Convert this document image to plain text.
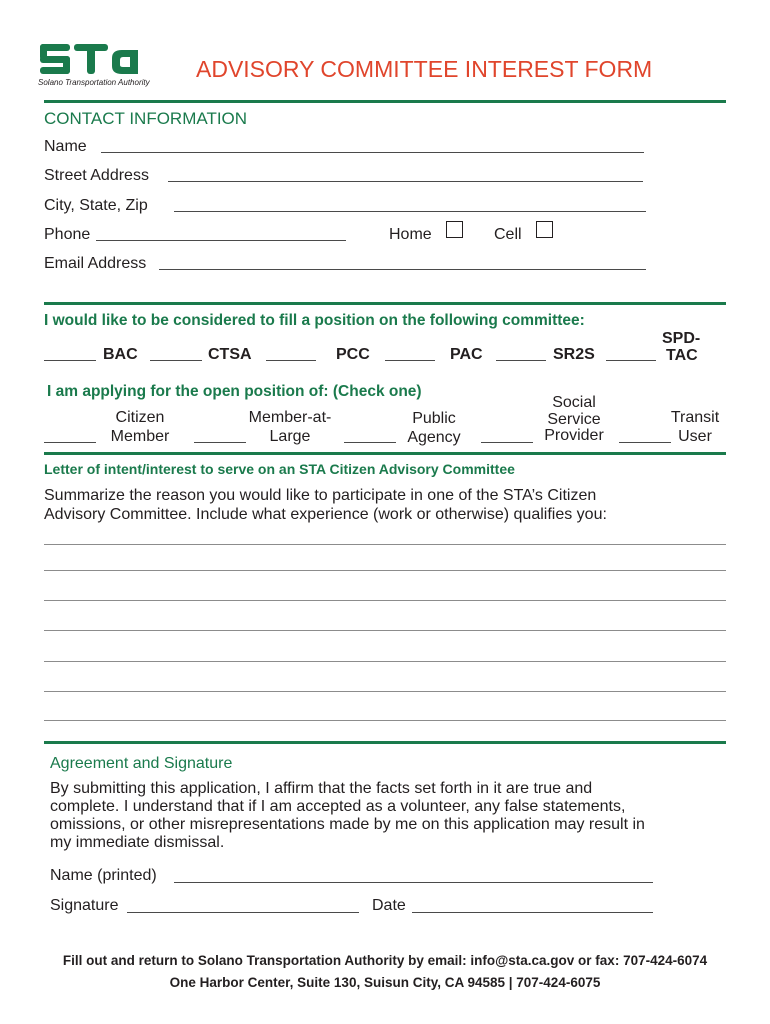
Solano Transportation Authority
ADVISORY COMMITTEE INTEREST FORM
CONTACT INFORMATION
Name
Street Address
City, State, Zip
Phone	Home	Cell
Email Address
I would like to be considered to fill a position on the following committee:
BAC	CTSA	PCC	PAC	SR2S
SPD-
TAC
I am applying for the open position of: (Check one)
Citizen
Member
Member-at-
Large
Public
Agency
Social
Service
Provider
Transit
User
Letter of intent/interest to serve on an STA Citizen Advisory Committee
Summarize the reason you would like to participate in one of the STA’s Citizen
Advisory Committee. Include what experience (work or otherwise) qualifies you:
Agreement and Signature
By submitting this application, I affirm that the facts set forth in it are true and
complete. I understand that if I am accepted as a volunteer, any false statements,
omissions, or other misrepresentations made by me on this application may result in
my immediate dismissal.
Name (printed)
Signature	Date
Fill out and return to Solano Transportation Authority by email: info@sta.ca.gov or fax: 707-424-6074
One Harbor Center, Suite 130, Suisun City, CA 94585 | 707-424-6075
